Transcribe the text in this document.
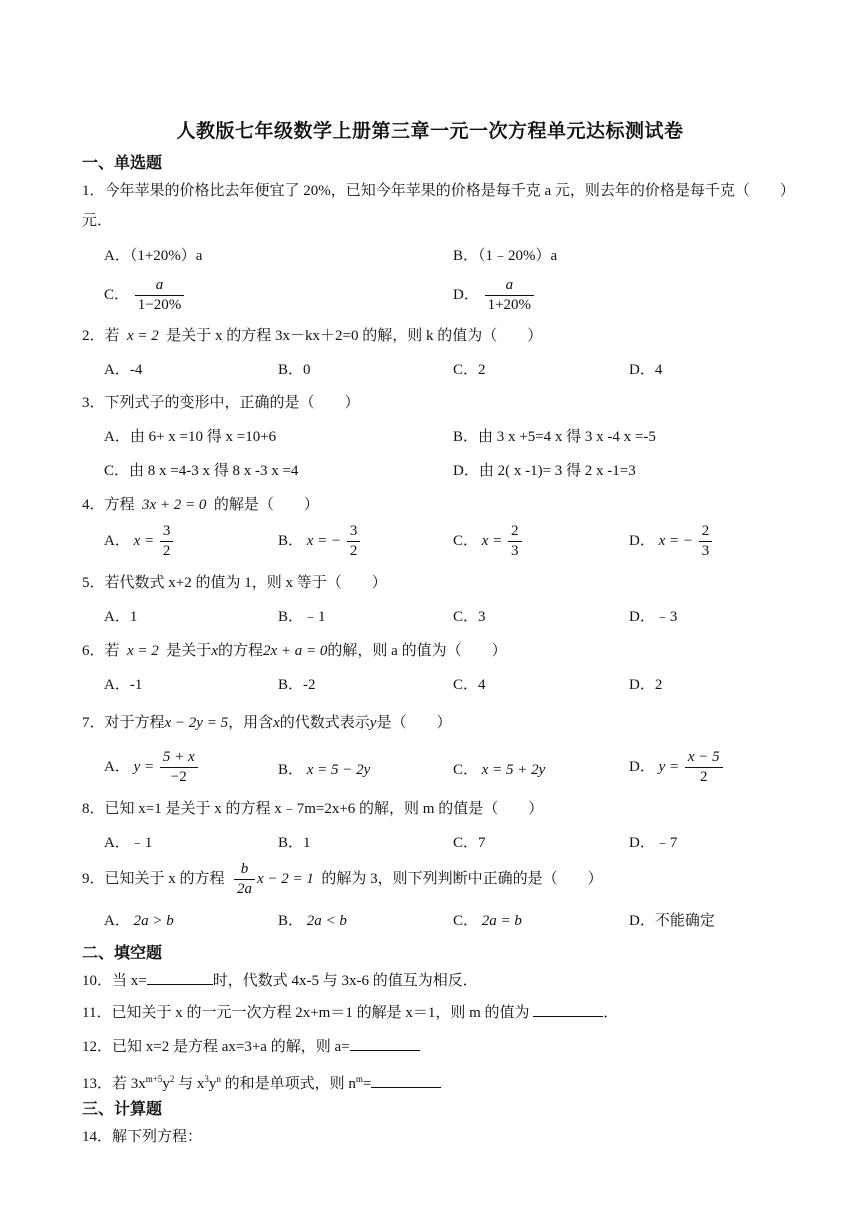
人教版七年级数学上册第三章一元一次方程单元达标测试卷
一、单选题
1．今年苹果的价格比去年便宜了 20%，已知今年苹果的价格是每千克 a 元，则去年的价格是每千克（　　）
元．
A．（1+20%）a	B．（1﹣20%）a
C． $\frac{a}{1-20\%}$	D． $\frac{a}{1+20\%}$
2．若 x = 2 是关于 x 的方程 3x－kx＋2=0 的解，则 k 的值为（　　）
A．-4	B．0	C．2	D．4
3．下列式子的变形中，正确的是（　　）
A．由 6+ x =10 得 x =10+6	B．由 3 x +5=4 x 得 3 x -4 x =-5
C．由 8 x =4-3 x 得 8 x -3 x =4	D．由 2( x -1)= 3 得 2 x -1=3
4．方程 3x + 2 = 0 的解是（　　）
A． $x = \frac{3}{2}$	B． x = − $\frac{3}{2}$	C． $x = \frac{2}{3}$	D． x = − $\frac{2}{3}$
5．若代数式 x+2 的值为 1，则 x 等于（　　）
A．1	B．﹣1	C．3	D．﹣3
6．若 x = 2 是关于x的方程2x + a = 0的解，则 a 的值为（　　）
A．-1	B．-2	C．4	D．2
7．对于方程x − 2y = 5，用含x的代数式表示y是（　　）
A． $y = \frac{5 + x}{-2}$	B． x = 5 − 2y	C． x = 5 + 2y	D． $y = \frac{x - 5}{2}$
8．已知 x=1 是关于 x 的方程 x﹣7m=2x+6 的解，则 m 的值是（　　）
A．﹣1	B．1	C．7	D．﹣7
9．已知关于 x 的方程 $\frac{b}{2a}$ x − 2 = 1 的解为 3，则下列判断中正确的是（　　）
A． 2a > b	B． 2a < b	C． 2a = b	D．不能确定
二、填空题
10．当 x=	时，代数式 4x-5 与 3x-6 的值互为相反．
11．已知关于 x 的一元一次方程 2x+m＝1 的解是 x＝1，则 m 的值为	．
12．已知 x=2 是方程 ax=3+a 的解，则 a=
13．若 $3x^{m+5}y^2$ 与 $x^3y^n$ 的和是单项式，则 $n^m=$
三、计算题
14．解下列方程：
